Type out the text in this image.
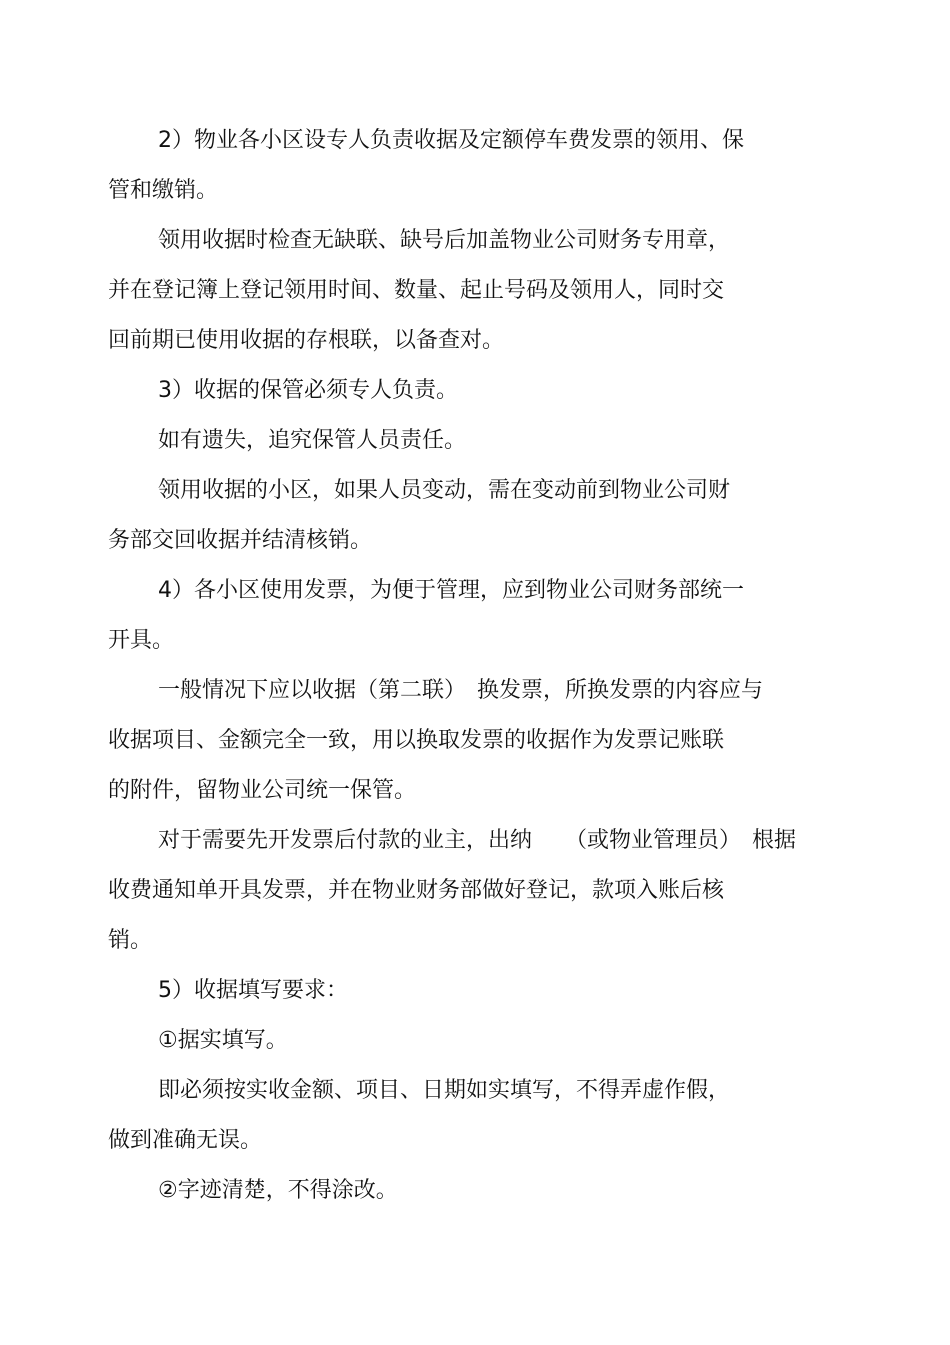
2）物业各小区设专人负责收据及定额停车费发票的领用、保
管和缴销。
领用收据时检查无缺联、缺号后加盖物业公司财务专用章，
并在登记簿上登记领用时间、数量、起止号码及领用人，同时交
回前期已使用收据的存根联，以备查对。
3）收据的保管必须专人负责。
如有遗失，追究保管人员责任。
领用收据的小区，如果人员变动，需在变动前到物业公司财
务部交回收据并结清核销。
4）各小区使用发票，为便于管理，应到物业公司财务部统一
开具。
一般情况下应以收据（第二联）　换发票，所换发票的内容应与
收据项目、金额完全一致，用以换取发票的收据作为发票记账联
的附件，留物业公司统一保管。
对于需要先开发票后付款的业主，出纳　　（或物业管理员）　根据
收费通知单开具发票，并在物业财务部做好登记，款项入账后核
销。
5）收据填写要求：
①据实填写。
即必须按实收金额、项目、日期如实填写，不得弄虚作假，
做到准确无误。
②字迹清楚，不得涂改。
